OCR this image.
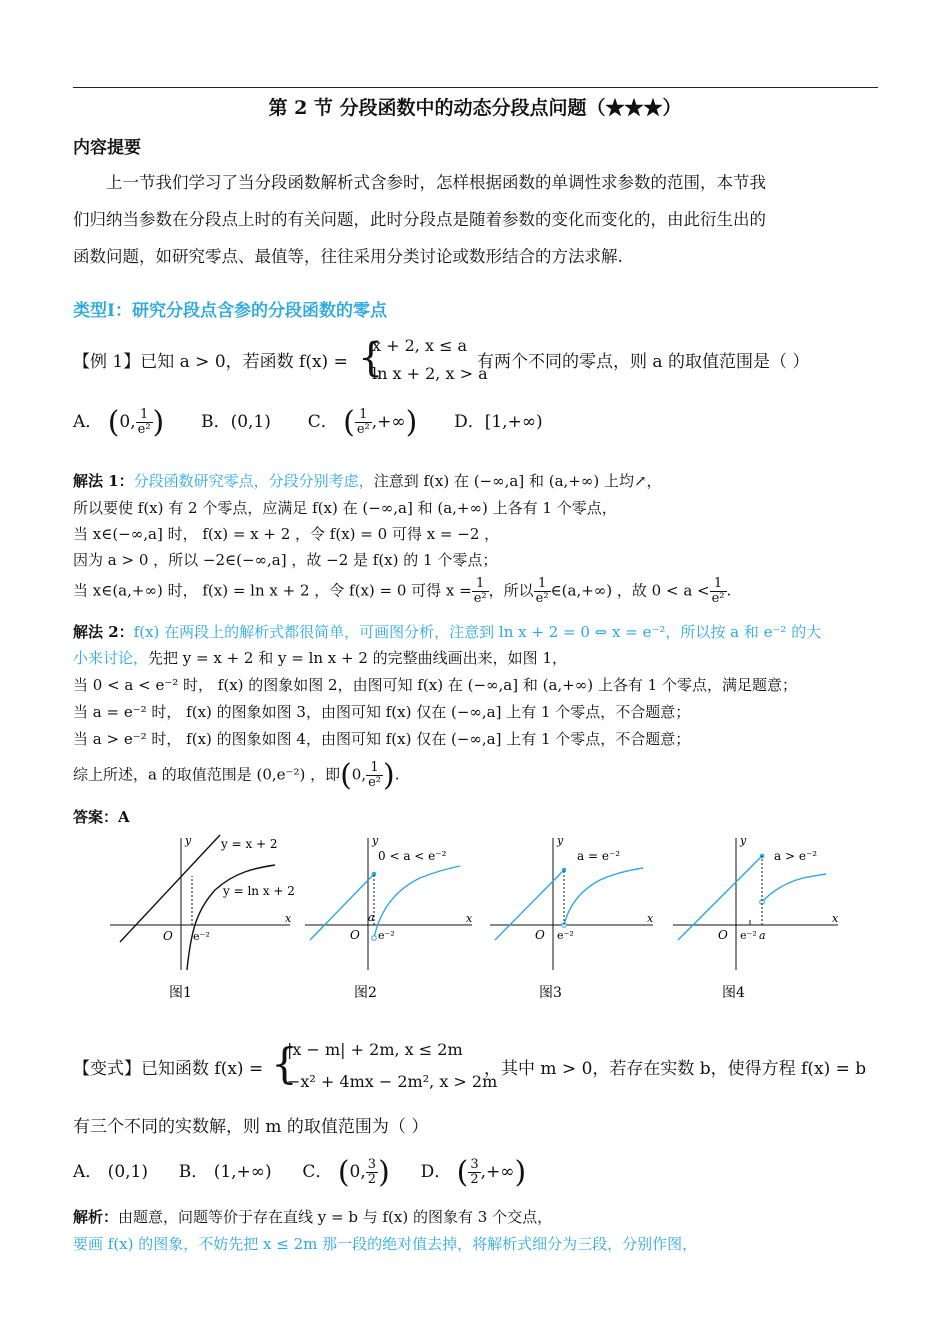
第 2 节 分段函数中的动态分段点问题（★★★）
内容提要
上一节我们学习了当分段函数解析式含参时，怎样根据函数的单调性求参数的范围，本节我
们归纳当参数在分段点上时的有关问题，此时分段点是随着参数的变化而变化的，由此衍生出的
函数问题，如研究零点、最值等，往往采用分类讨论或数形结合的方法求解.
类型Ⅰ：研究分段点含参的分段函数的零点
【例 1】已知 a > 0，若函数 f(x) = {
x + 2, x ≤ a
ln x + 2, x > a
有两个不同的零点，则 a 的取值范围是（ ）
A． (0, $\frac{1}{\text{e²}}$ ) B．(0,1) C． ( $\frac{1}{\text{e²}}$ ,+∞) D．[1,+∞)
解法 1：分段函数研究零点，分段分别考虑，注意到 f(x) 在 (−∞,a] 和 (a,+∞) 上均↗，
所以要使 f(x) 有 2 个零点，应满足 f(x) 在 (−∞,a] 和 (a,+∞) 上各有 1 个零点，
当 x∈(−∞,a] 时， f(x) = x + 2 ，令 f(x) = 0 可得 x = −2 ，
因为 a > 0 ，所以 −2∈(−∞,a] ，故 −2 是 f(x) 的 1 个零点；
当 x∈(a,+∞) 时， f(x) = ln x + 2 ，令 f(x) = 0 可得 $x = \frac{1}{\text{e²}}$ ，所以 $\frac{1}{\text{e²}}$ ∈(a,+∞) ，故 $0 < a < \frac{1}{\text{e²}}$ .
解法 2：f(x) 在两段上的解析式都很简单，可画图分析，注意到 ln x + 2 = 0 ⇔ x = e⁻²，所以按 a 和 e⁻² 的大
小来讨论，先把 y = x + 2 和 y = ln x + 2 的完整曲线画出来，如图 1，
当 0 < a < e⁻² 时， f(x) 的图象如图 2，由图可知 f(x) 在 (−∞,a] 和 (a,+∞) 上各有 1 个零点，满足题意；
当 a = e⁻² 时， f(x) 的图象如图 3，由图可知 f(x) 仅在 (−∞,a] 上有 1 个零点，不合题意；
当 a > e⁻² 时， f(x) 的图象如图 4，由图可知 f(x) 仅在 (−∞,a] 上有 1 个零点，不合题意；
综上所述，a 的取值范围是 (0,e⁻²) ，即(0, $\frac{1}{\text{e²}}$ ).
答案：A
y = x + 2
y = ln x + 2
x
y
O e⁻²
图1
0 < a < e⁻²
x
y
O
a
e⁻²
图2
a = e⁻²
x
y
O e⁻²
图3
a > e⁻²
x
y
O e⁻² a
图4
【变式】已知函数 f(x) = {
|x − m| + 2m, x ≤ 2m
−x² + 4mx − 2m², x > 2m
，其中 m > 0，若存在实数 b，使得方程 f(x) = b
有三个不同的实数解，则 m 的取值范围为（ ）
A． (0,1) B． (1,+∞) C． (0, $\frac{3}{2}$ ) D． ( $\frac{3}{2}$ ,+∞)
解析：由题意，问题等价于存在直线 y = b 与 f(x) 的图象有 3 个交点，
要画 f(x) 的图象，不妨先把 x ≤ 2m 那一段的绝对值去掉，将解析式细分为三段，分别作图，
